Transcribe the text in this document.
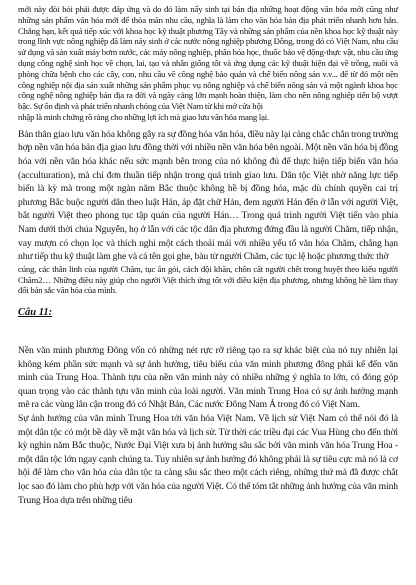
mới này đòi hỏi phải được đáp ứng và do đó làm nẩy sinh tại bản địa những hoạt động văn hóa mới cũng như những sản phẩm văn hóa mới để thỏa mãn nhu cầu, nghĩa là làm cho văn hóa bản địa phát triển nhanh hơn hẳn. Chẳng hạn, kết quả tiếp xúc với khoa học kỹ thuật phương Tây và những sản phẩm của nền khoa học kỹ thuật này trong lĩnh vực nông nghiệp đã làm nảy sinh ở các nước nông nghiệp phương Đông, trong đó có Việt Nam, nhu cầu sử dụng và sản xuất máy bơm nước, các máy nông nghiệp, phân hóa học, thuốc bảo vệ động-thực vật, nhu cầu ứng dụng công nghệ sinh học về chọn, lai, tạo và nhân giống tốt và ứng dụng các kỹ thuật hiện đại về trồng, nuôi và phòng chữa bệnh cho các cây, con, nhu cầu về công nghệ bảo quản và chế biến nông sản v.v... để từ đó một nền công nghiệp nội địa sản xuất những sản phẩm phục vụ nông nghiệp và chế biến nông sản và một ngành khoa học công nghệ nông nghiệp bản địa ra đời và ngày càng lớn mạnh hoàn thiện, làm cho nền nông nghiệp tiến bộ vượt bậc. Sự ổn định và phát triển nhanh chóng của Việt Nam từ khi mở cửa hội

nhập là minh chứng rõ ràng cho những lợi ích mà giao lưu văn hóa mang lại.

Bản thân giao lưu văn hóa không gây ra sự đồng hóa văn hóa, điều này lại càng chắc chắn trong trường hợp nền văn hóa bản địa giao lưu đồng thời với nhiều nền văn hóa bên ngoài. Một nền văn hóa bị đồng hóa với nền văn hóa khác nếu sức mạnh bên trong của nó không đủ để thực hiện tiếp biến văn hóa (acculturation), mà chỉ đơn thuần tiếp nhận trong quá trình giao lưu. Dân tộc Việt nhờ năng lực tiếp biến là kỳ mà trong một ngàn năm Bắc thuộc không hề bị đồng hóa, mặc dù chính quyền cai trị phương Bắc buộc người dân theo luật Hán, áp đặt chữ Hán, đem người Hán đến ở lẫn với người Việt, bắt người Việt theo phong tục tập quán của người Hán… Trong quá trình người Việt tiến vào phía Nam dưới thời chúa Nguyễn, họ ở lẫn với các tộc dân địa phương đứng đầu là người Chăm, tiếp nhận, vay mượn có chọn lọc và thích nghi một cách thoải mái với nhiều yếu tố văn hóa Chăm, chẳng hạn như tiếp thu kỹ thuật làm ghe và cá tên gọi ghe, bàu từ người Chăm, các tục lệ hoặc phương thức thờ

cúng, các thần linh của người Chăm, tục ăn gỏi, cách đội khăn, chôn cất người chết trong huyệt theo kiểu người Chăm2… Những điều này giúp cho người Việt thích ứng tốt với điều kiện địa phương, nhưng không hề làm thay đổi bản sắc văn hóa của mình.

Câu 11:

Nền văn minh phương Đông vốn có những nét rực rỡ riêng tạo ra sự khác biệt của nó tuy nhiên lại không kém phần sức mạnh và sự ảnh hưởng, tiêu biểu của văn minh phương đông phải kể đến văn minh của Trung Hoa. Thành tựu của nền văn minh này có nhiều những ý nghĩa to lớn, có đóng góp quan trọng vào các thành tựu văn minh của loài người. Văn minh Trung Hoa có sự ảnh hưởng mạnh mẽ ra các vùng lân cận trong đó có Nhật Bản, Các nước Đông Nam Á trong đó có Việt Nam.

Sự ảnh hưởng của văn minh Trung Hoa tới văn hóa Việt Nam. Về lịch sử Việt Nam có thể nói đó là một dân tộc có một bề dày về mặt văn hóa và lịch sử. Từ thời các triều đại các Vua Hùng cho đến thời kỳ nghìn năm Bắc thuộc, Nước Đại Việt xưa bị ảnh hưởng sâu sắc bởi văn minh văn hóa Trung Hoa - một dân tộc lớn ngay cạnh chúng ta. Tuy nhiên sự ảnh hưởng đó không phải là sự tiêu cực mà nó là cơ hội để làm cho văn hóa của dân tộc ta càng sâu sắc theo một cách riêng, những thứ mà đã được chắt lọc sao đó làm cho phù hợp với văn hóa của người Việt. Có thể tóm tắt những ảnh hưởng của văn minh Trung Hoa dựa trên những tiêu
